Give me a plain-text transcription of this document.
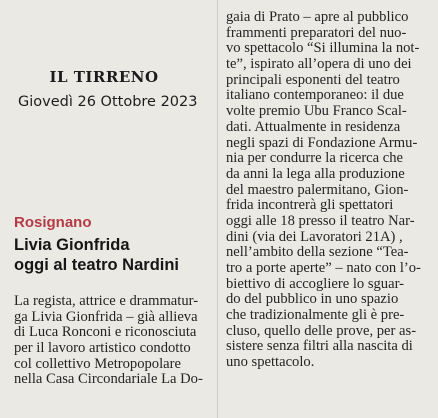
IL TIRRENO
Giovedì 26 Ottobre 2023
Rosignano
Livia Gionfrida
oggi al teatro Nardini
La regista, attrice e drammatur-
ga Livia Gionfrida – già allieva
di Luca Ronconi e riconosciuta
per il lavoro artistico condotto
col collettivo Metropopolare
nella Casa Circondariale La Do-
gaia di Prato – apre al pubblico
frammenti preparatori del nuo-
vo spettacolo “Si illumina la not-
te”, ispirato all’opera di uno dei
principali esponenti del teatro
italiano contemporaneo: il due
volte premio Ubu Franco Scal-
dati. Attualmente in residenza
negli spazi di Fondazione Armu-
nia per condurre la ricerca che
da anni la lega alla produzione
del maestro palermitano, Gion-
frida incontrerà gli spettatori
oggi alle 18 presso il teatro Nar-
dini (via dei Lavoratori 21A) ,
nell’ambito della sezione “Tea-
tro a porte aperte” – nato con l’o-
biettivo di accogliere lo sguar-
do del pubblico in uno spazio
che tradizionalmente gli è pre-
cluso, quello delle prove, per as-
sistere senza filtri alla nascita di
uno spettacolo.
